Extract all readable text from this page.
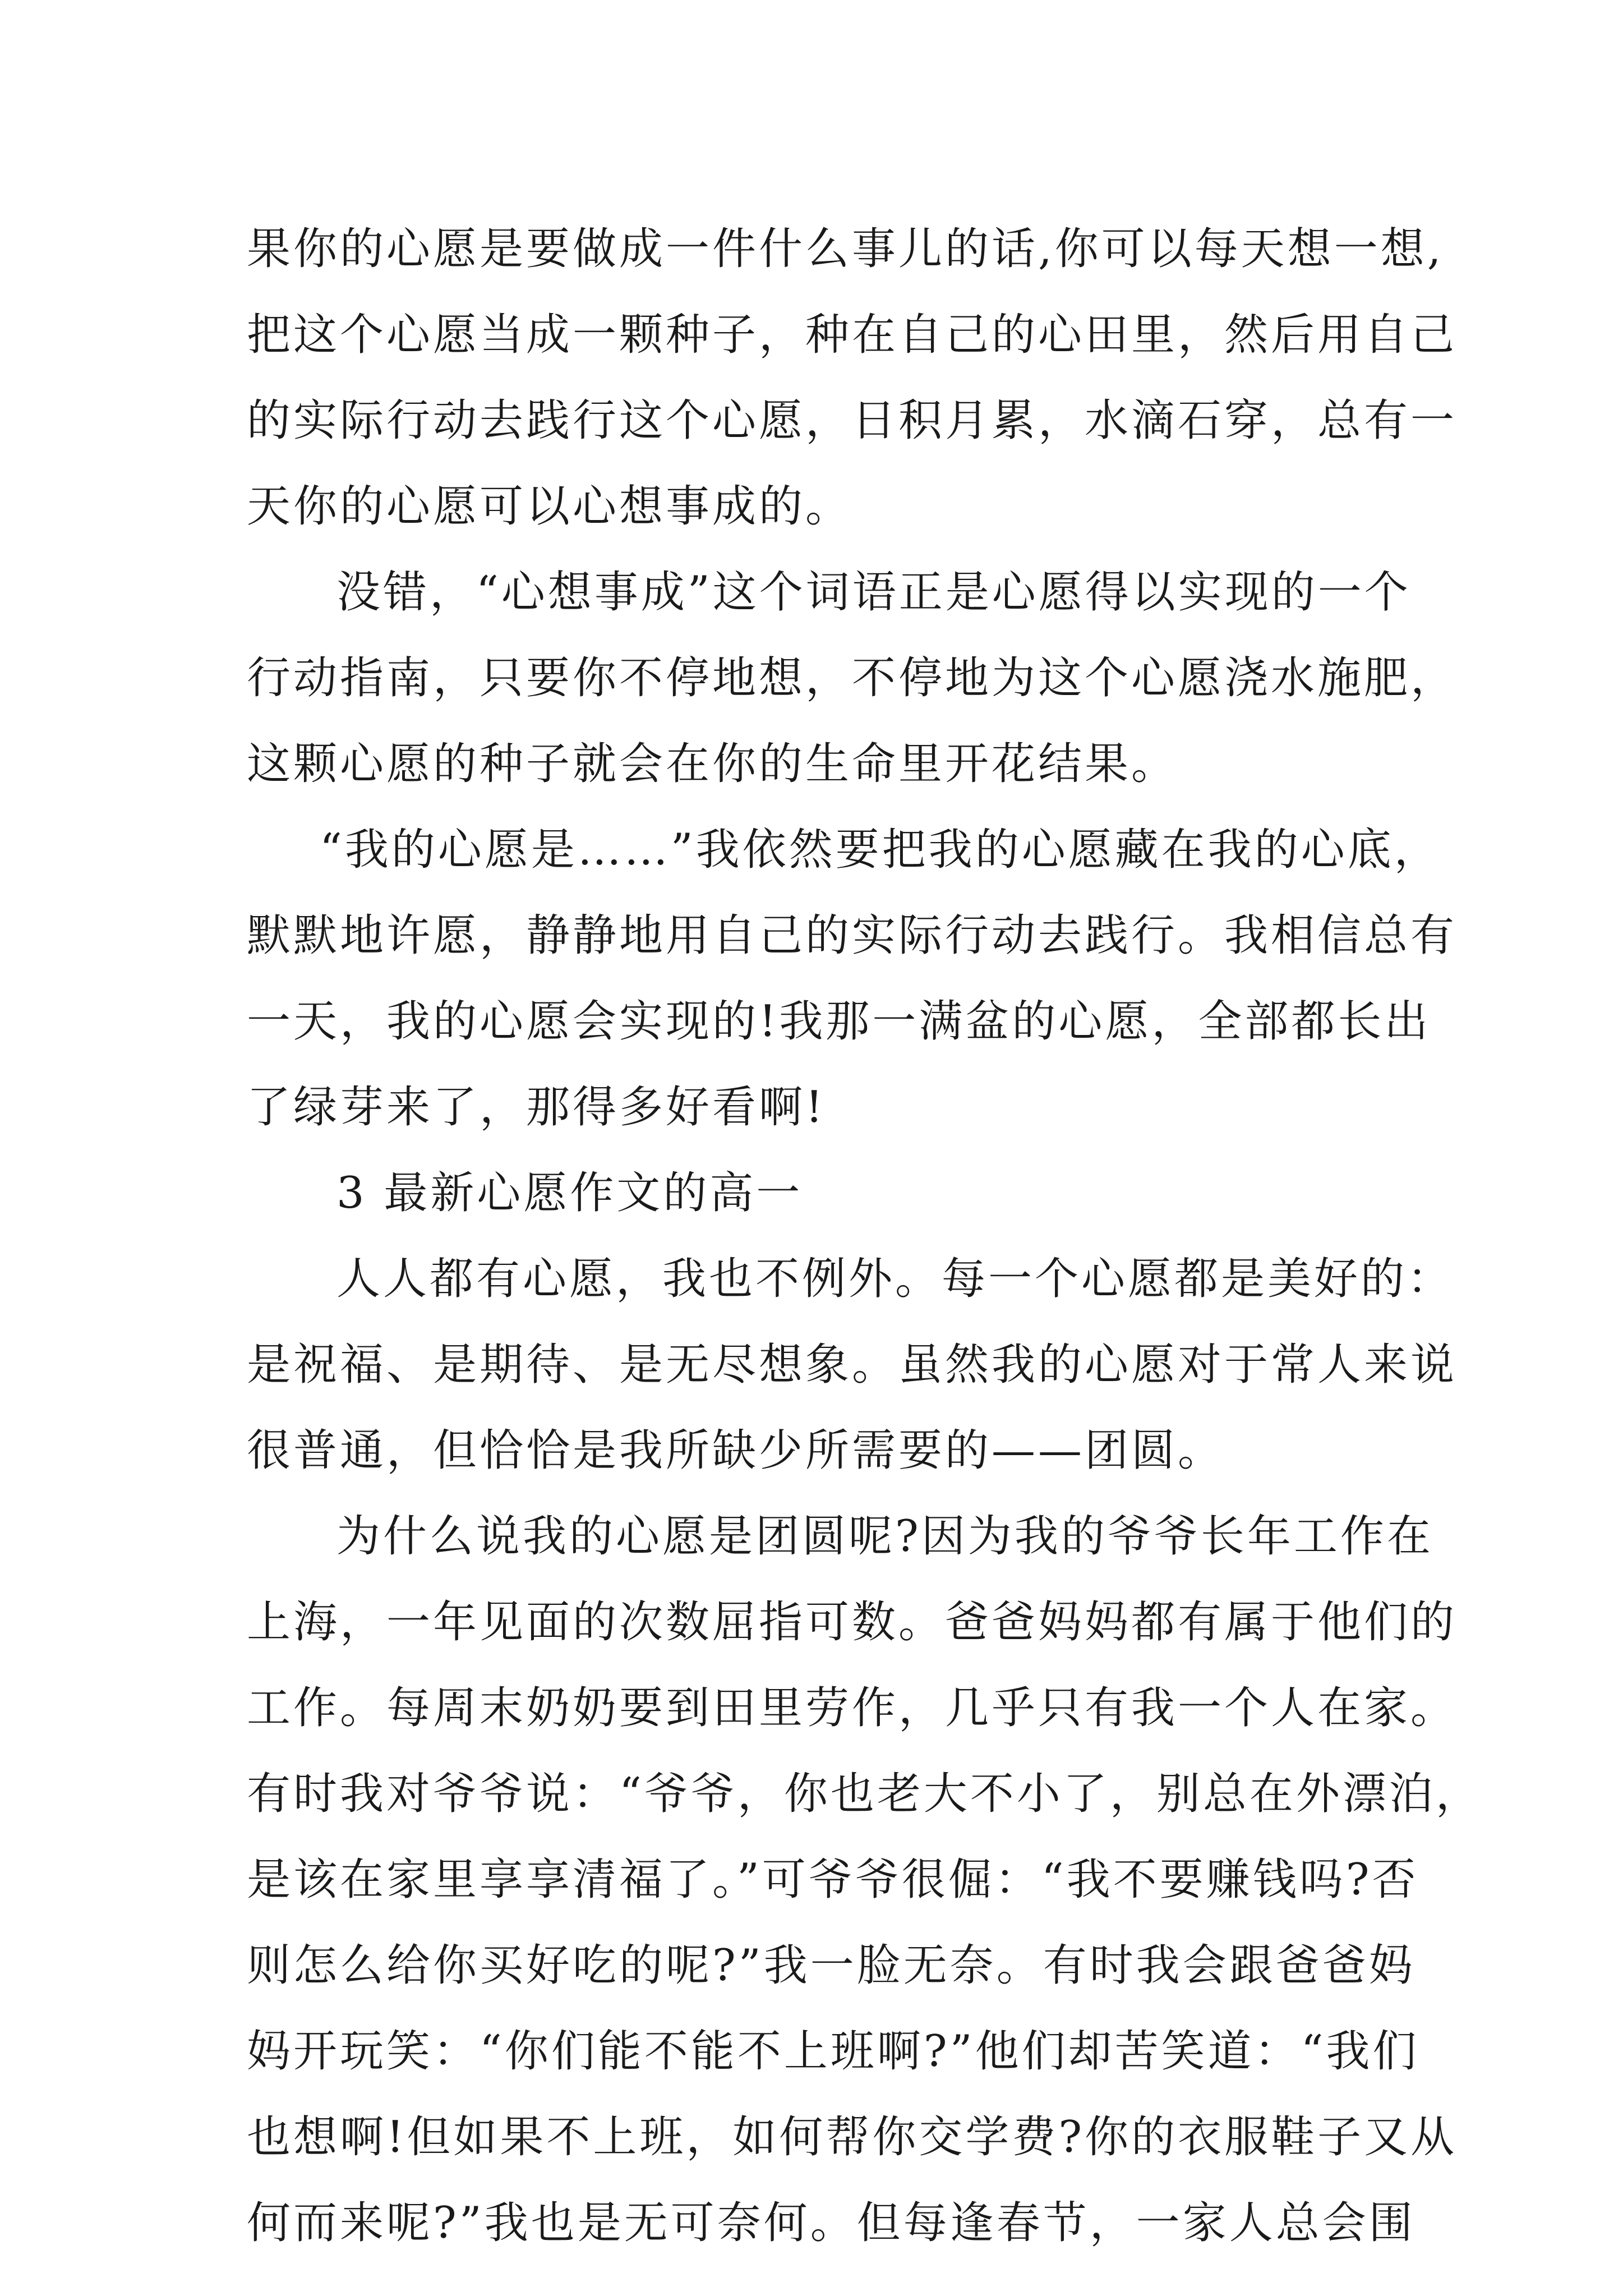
果你的心愿是要做成一件什么事儿的话,你可以每天想一想,
把这个心愿当成一颗种子，种在自己的心田里，然后用自己
的实际行动去践行这个心愿，日积月累，水滴石穿，总有一
天你的心愿可以心想事成的。
没错，“心想事成”这个词语正是心愿得以实现的一个
行动指南，只要你不停地想，不停地为这个心愿浇水施肥，
这颗心愿的种子就会在你的生命里开花结果。
“我的心愿是……”我依然要把我的心愿藏在我的心底，
默默地许愿，静静地用自己的实际行动去践行。我相信总有
一天，我的心愿会实现的!我那一满盆的心愿，全部都长出
了绿芽来了，那得多好看啊!
3 最新心愿作文的高一
人人都有心愿，我也不例外。每一个心愿都是美好的：
是祝福、是期待、是无尽想象。虽然我的心愿对于常人来说
很普通，但恰恰是我所缺少所需要的——团圆。
为什么说我的心愿是团圆呢?因为我的爷爷长年工作在
上海，一年见面的次数屈指可数。爸爸妈妈都有属于他们的
工作。每周末奶奶要到田里劳作，几乎只有我一个人在家。
有时我对爷爷说：“爷爷，你也老大不小了，别总在外漂泊，
是该在家里享享清福了。”可爷爷很倔：“我不要赚钱吗?否
则怎么给你买好吃的呢?”我一脸无奈。有时我会跟爸爸妈
妈开玩笑：“你们能不能不上班啊?”他们却苦笑道：“我们
也想啊!但如果不上班，如何帮你交学费?你的衣服鞋子又从
何而来呢?”我也是无可奈何。但每逢春节，一家人总会围
